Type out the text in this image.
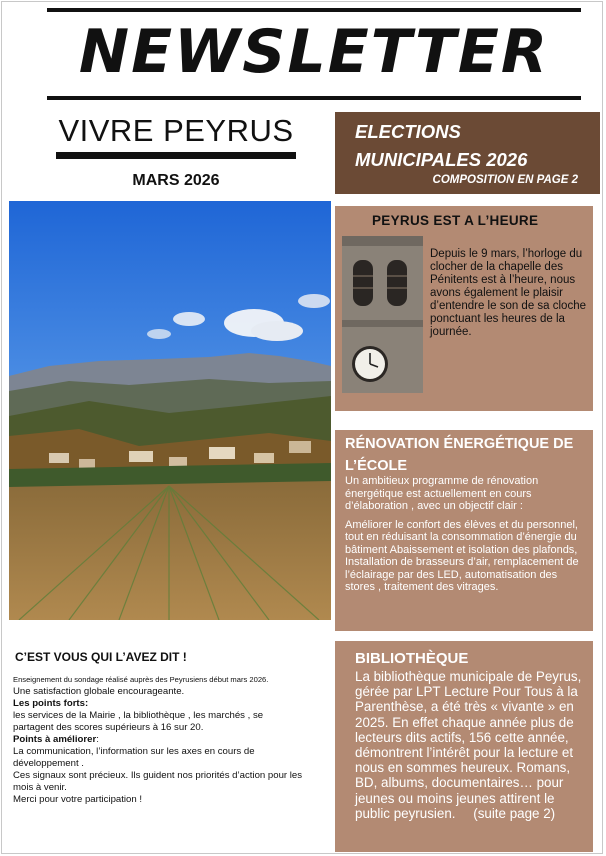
NEWSLETTER
VIVRE PEYRUS
MARS 2026
ELECTIONS
MUNICIPALES 2026
COMPOSITION EN PAGE 2
PEYRUS EST A L’HEURE
Depuis le 9 mars, l’horloge du clocher de la chapelle des Pénitents est à l’heure, nous avons également le plaisir d’entendre le son de sa cloche ponctuant les heures de la journée.
RÉNOVATION ÉNERGÉTIQUE DE L’ÉCOLE
Un ambitieux programme de rénovation énergétique est actuellement en cours d’élaboration , avec un objectif clair :
Améliorer le confort des élèves et du personnel, tout en réduisant la consommation d’énergie du bâtiment Abaissement et isolation des plafonds, Installation de brasseurs d’air, remplacement de l’éclairage par des LED, automatisation des stores , traitement des vitrages.
BIBLIOTHÈQUE
La bibliothèque municipale de Peyrus, gérée par LPT Lecture Pour Tous à la Parenthèse, a été très « vivante » en 2025. En effet chaque année plus de lecteurs dits actifs, 156 cette année, démontrent l’intérêt pour la lecture et nous en sommes heureux. Romans, BD, albums, documentaires… pour jeunes ou moins jeunes attirent le public peyrusien. (suite page 2)
C’EST VOUS QUI L’AVEZ DIT !

Enseignement du sondage réalisé auprès des Peyrusiens début mars 2026.

Une satisfaction globale encourageante.

Les points forts:

les services de la Mairie , la bibliothèque , les marchés , se partagent des scores supérieurs à 16 sur 20.

Points à améliorer:

La communication, l’information sur les axes en cours de développement .

Ces signaux sont précieux. Ils guident nos priorités d’action pour les mois à venir.

Merci pour votre participation !
